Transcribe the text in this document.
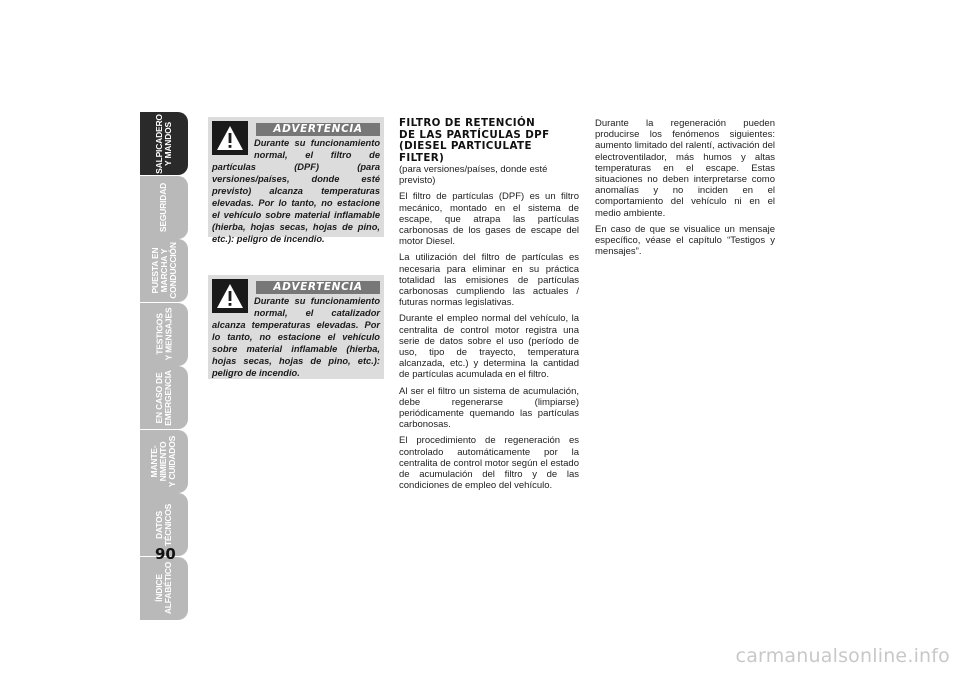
SALPICADERO
Y MANDOS
SEGURIDAD
PUESTA EN
MARCHA Y
CONDUCCIÓN
TESTIGOS
Y MENSAJES
EN CASO DE
EMERGENCIA
MANTE-
NIMIENTO
Y CUIDADOS
DATOS
TÉCNICOS
ÍNDICE
ALFABÉTICO
90
ADVERTENCIA

Durante su funcionamiento normal, el filtro de partículas (DPF) (para versiones/países, donde esté previsto) alcanza temperaturas elevadas. Por lo tanto, no estacione el vehículo sobre material inflamable (hierba, hojas secas, hojas de pino, etc.): peligro de incendio.

ADVERTENCIA

Durante su funcionamiento normal, el catalizador alcanza temperaturas elevadas. Por lo tanto, no estacione el vehículo sobre material inflamable (hierba, hojas secas, hojas de pino, etc.): peligro de incendio.

FILTRO DE RETENCIÓN
DE LAS PARTÍCULAS DPF
(DIESEL PARTICULATE FILTER)

(para versiones/países, donde esté previsto)

El filtro de partículas (DPF) es un filtro mecánico, montado en el sistema de escape, que atrapa las partículas carbonosas de los gases de escape del motor Diesel.

La utilización del filtro de partículas es necesaria para eliminar en su práctica totalidad las emisiones de partículas carbonosas cumpliendo las actuales / futuras normas legislativas.

Durante el empleo normal del vehículo, la centralita de control motor registra una serie de datos sobre el uso (período de uso, tipo de trayecto, temperatura alcanzada, etc.) y determina la cantidad de partículas acumulada en el filtro.

Al ser el filtro un sistema de acumulación, debe regenerarse (limpiarse) periódicamente quemando las partículas carbonosas.

El procedimiento de regeneración es controlado automáticamente por la centralita de control motor según el estado de acumulación del filtro y de las condiciones de empleo del vehículo.

Durante la regeneración pueden producirse los fenómenos siguientes: aumento limitado del ralentí, activación del electroventilador, más humos y altas temperaturas en el escape. Estas situaciones no deben interpretarse como anomalías y no inciden en el comportamiento del vehículo ni en el medio ambiente.

En caso de que se visualice un mensaje específico, véase el capítulo “Testigos y mensajes”.

carmanualsonline.info
